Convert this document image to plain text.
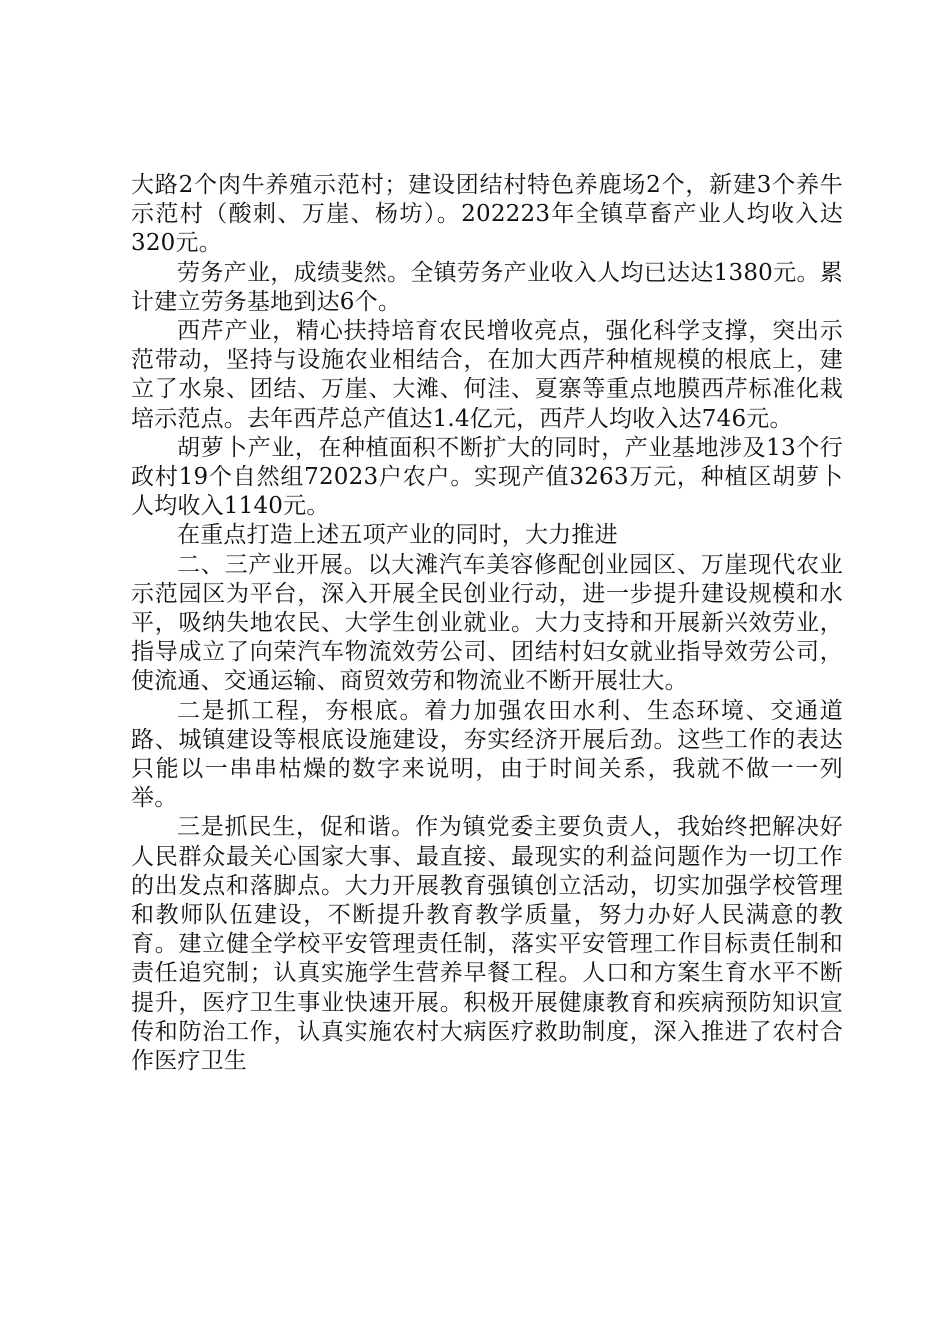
大路2个肉牛养殖示范村；建设团结村特色养鹿场2个，新建3个养牛示范村（酸刺、万崖、杨坊）。202223年全镇草畜产业人均收入达320元。

劳务产业，成绩斐然。全镇劳务产业收入人均已达达1380元。累计建立劳务基地到达6个。

西芹产业，精心扶持培育农民增收亮点，强化科学支撑，突出示范带动，坚持与设施农业相结合，在加大西芹种植规模的根底上，建立了水泉、团结、万崖、大滩、何洼、夏寨等重点地膜西芹标准化栽培示范点。去年西芹总产值达1.4亿元，西芹人均收入达746元。

胡萝卜产业，在种植面积不断扩大的同时，产业基地涉及13个行政村19个自然组72023户农户。实现产值3263万元，种植区胡萝卜人均收入1140元。

在重点打造上述五项产业的同时，大力推进

二、三产业开展。以大滩汽车美容修配创业园区、万崖现代农业示范园区为平台，深入开展全民创业行动，进一步提升建设规模和水平，吸纳失地农民、大学生创业就业。大力支持和开展新兴效劳业，指导成立了向荣汽车物流效劳公司、团结村妇女就业指导效劳公司，使流通、交通运输、商贸效劳和物流业不断开展壮大。

二是抓工程，夯根底。着力加强农田水利、生态环境、交通道路、城镇建设等根底设施建设，夯实经济开展后劲。这些工作的表达只能以一串串枯燥的数字来说明，由于时间关系，我就不做一一列举。

三是抓民生，促和谐。作为镇党委主要负责人，我始终把解决好人民群众最关心国家大事、最直接、最现实的利益问题作为一切工作的出发点和落脚点。大力开展教育强镇创立活动，切实加强学校管理和教师队伍建设，不断提升教育教学质量，努力办好人民满意的教育。建立健全学校平安管理责任制，落实平安管理工作目标责任制和责任追究制；认真实施学生营养早餐工程。人口和方案生育水平不断提升，医疗卫生事业快速开展。积极开展健康教育和疾病预防知识宣传和防治工作，认真实施农村大病医疗救助制度，深入推进了农村合作医疗卫生
